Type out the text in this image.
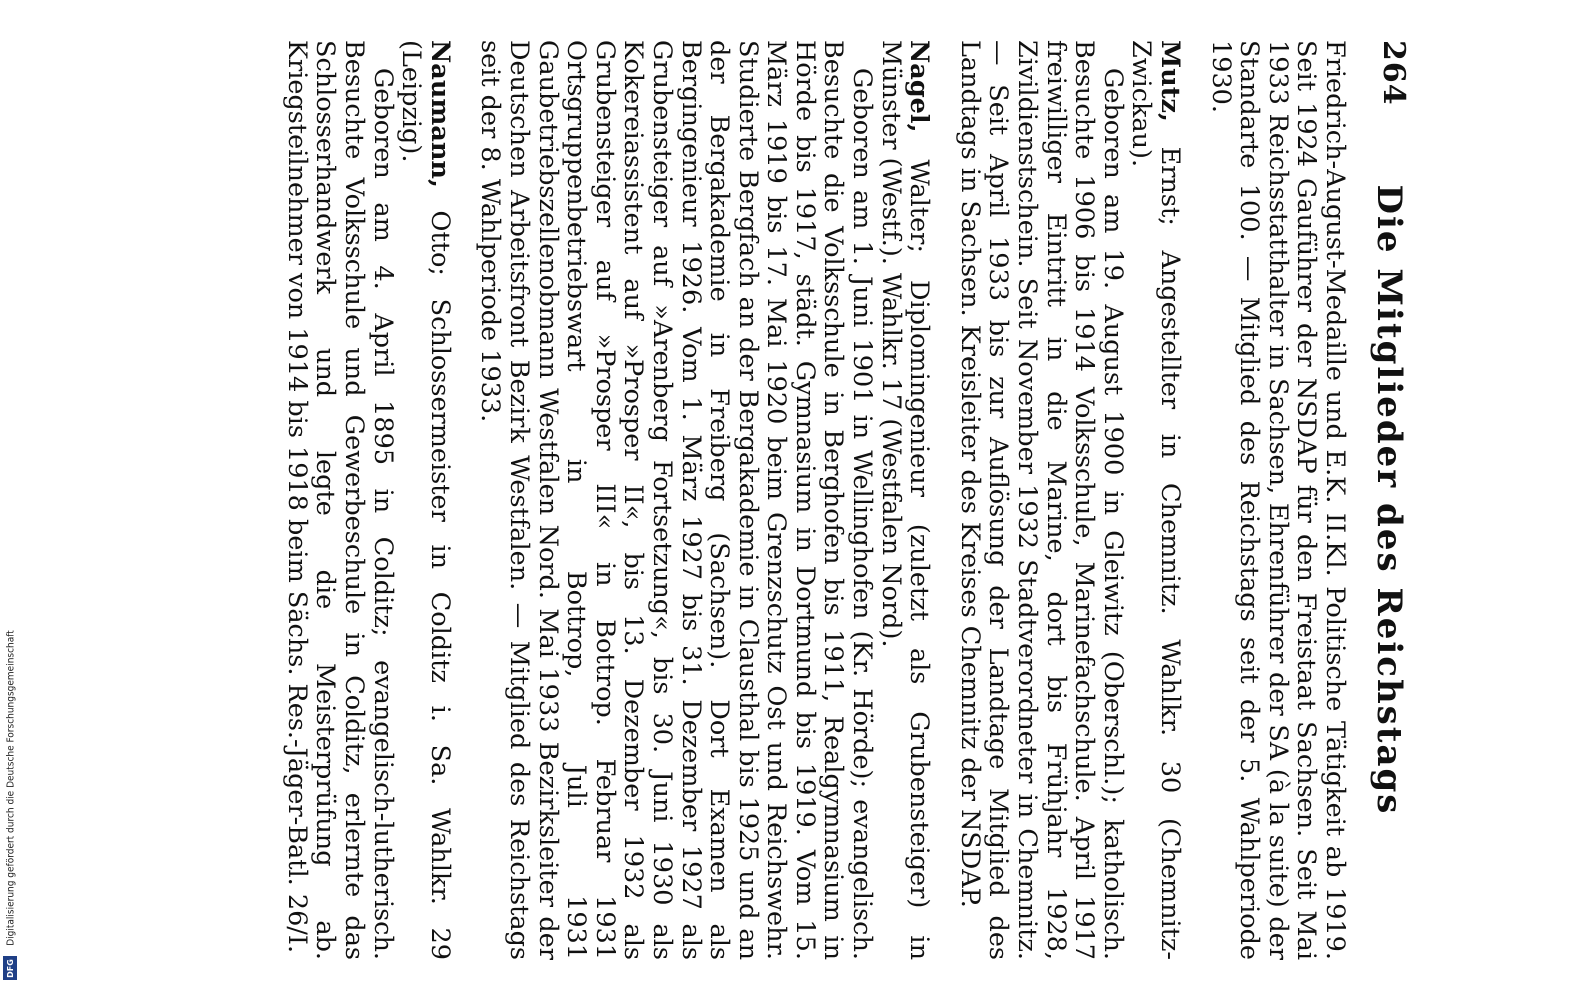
264
Die Mitglieder des Reichstags

Friedrich-August-Medaille und E.K. II.Kl. Politische Tätigkeit ab 1919. Seit 1924 Gauführer der NSDAP für den Freistaat Sachsen. Seit Mai 1933 Reichsstatthalter in Sachsen, Ehrenführer der SA (à la suite) der Standarte 100. — Mitglied des Reichstags seit der 5. Wahlperiode 1930.

Mutz, Ernst; Angestellter in Chemnitz. Wahlkr. 30 (Chemnitz-Zwickau).

Geboren am 19. August 1900 in Gleiwitz (Oberschl.); katholisch. Besuchte 1906 bis 1914 Volksschule, Marinefachschule. April 1917 freiwilliger Eintritt in die Marine, dort bis Frühjahr 1928, Zivildienstschein. Seit November 1932 Stadtverordneter in Chemnitz. — Seit April 1933 bis zur Auflösung der Landtage Mitglied des Landtags in Sachsen. Kreisleiter des Kreises Chemnitz der NSDAP.

Nagel, Walter; Diplomingenieur (zuletzt als Grubensteiger) in Münster (Westf.). Wahlkr. 17 (Westfalen Nord).

Geboren am 1. Juni 1901 in Wellinghofen (Kr. Hörde); evangelisch. Besuchte die Volksschule in Berghofen bis 1911, Realgymnasium in Hörde bis 1917, städt. Gymnasium in Dortmund bis 1919. Vom 15. März 1919 bis 17. Mai 1920 beim Grenzschutz Ost und Reichswehr. Studierte Bergfach an der Bergakademie in Clausthal bis 1925 und an der Bergakademie in Freiberg (Sachsen). Dort Examen als Bergingenieur 1926. Vom 1. März 1927 bis 31. Dezember 1927 als Grubensteiger auf »Arenberg Fortsetzung«, bis 30. Juni 1930 als Kokereiassistent auf »Prosper II«, bis 13. Dezember 1932 als Grubensteiger auf »Prosper III« in Bottrop. Februar 1931 Ortsgruppenbetriebswart in Bottrop, Juli 1931 Gaubetriebszellenobmann Westfalen Nord. Mai 1933 Bezirksleiter der Deutschen Arbeitsfront Bezirk Westfalen. — Mitglied des Reichstags seit der 8. Wahlperiode 1933.

Naumann, Otto; Schlossermeister in Colditz i. Sa. Wahlkr. 29 (Leipzig).

Geboren am 4. April 1895 in Colditz; evangelisch-lutherisch. Besuchte Volksschule und Gewerbeschule in Colditz, erlernte das Schlosserhandwerk und legte die Meisterprüfung ab. Kriegsteilnehmer von 1914 bis 1918 beim Sächs. Res.-Jäger-Batl. 26/I.

Digitalisierung gefördert durch die Deutsche Forschungsgemeinschaft
DFG
